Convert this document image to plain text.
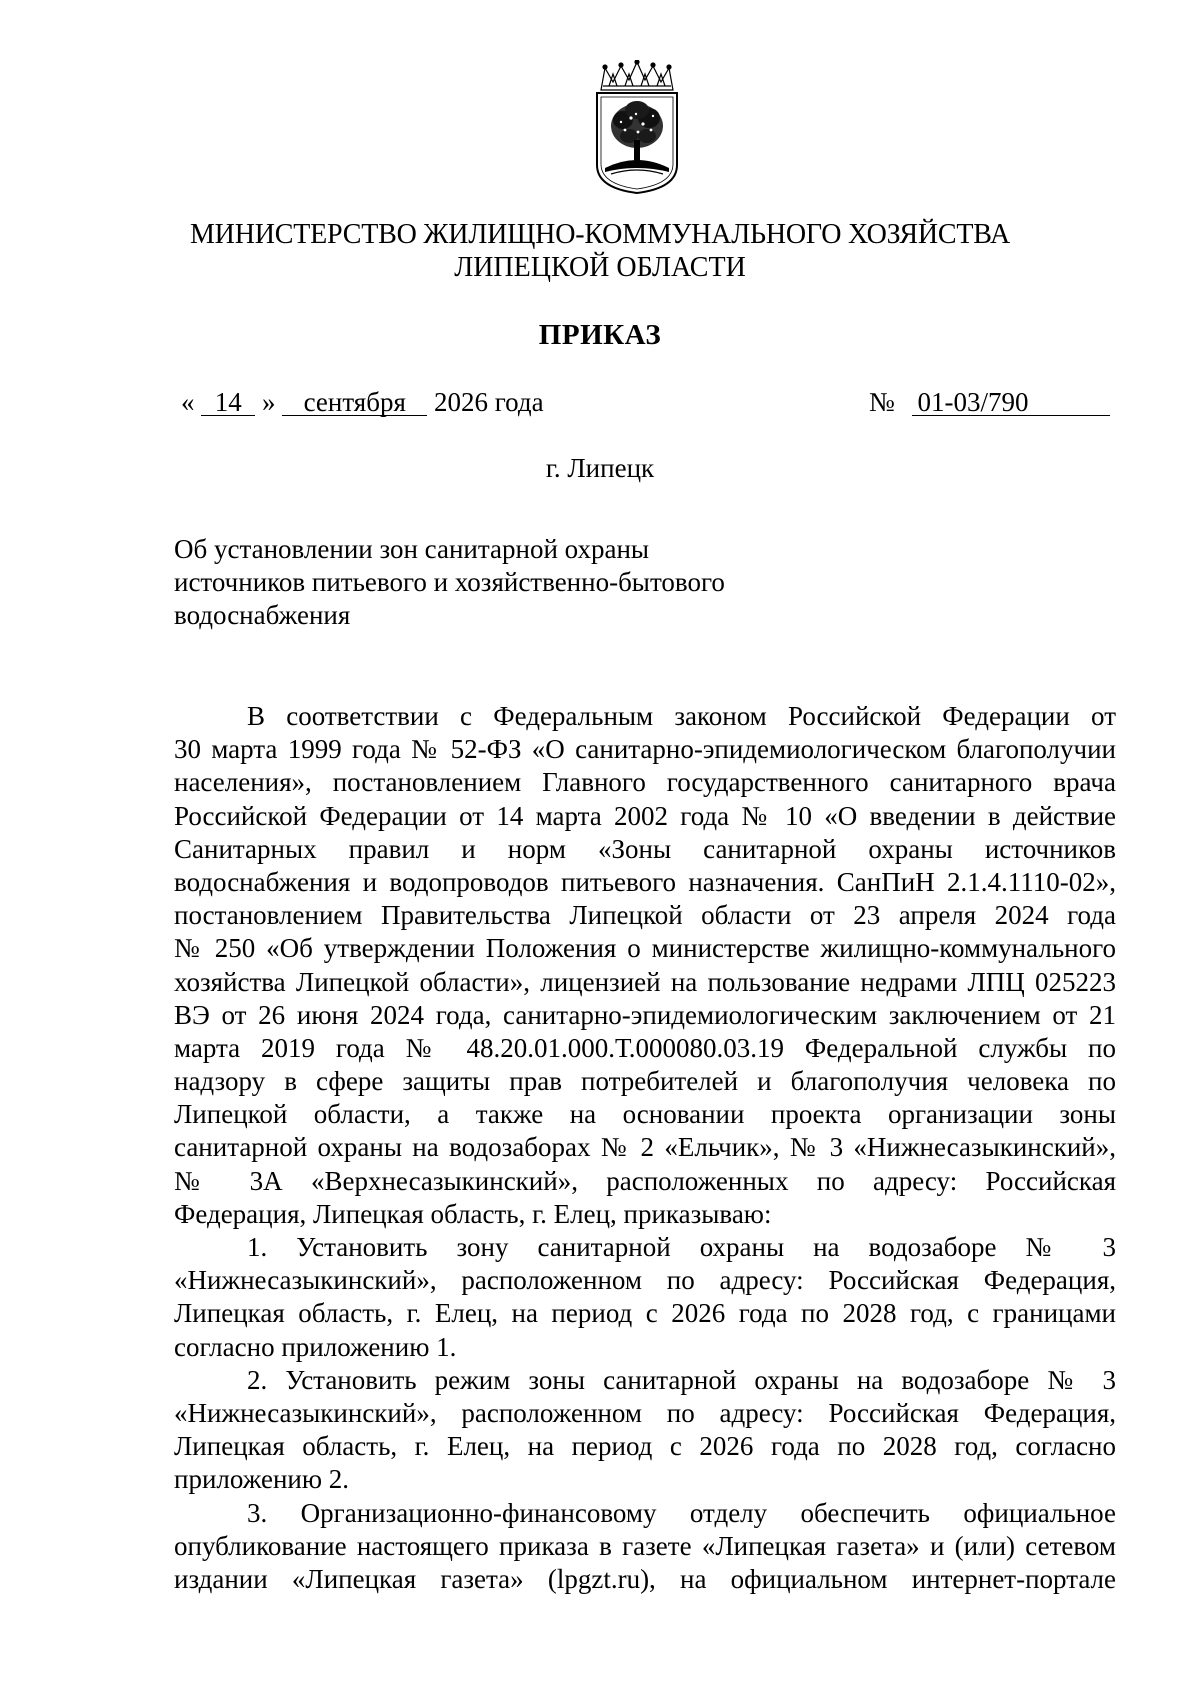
МИНИСТЕРСТВО ЖИЛИЩНО-КОММУНАЛЬНОГО ХОЗЯЙСТВА
ЛИПЕЦКОЙ ОБЛАСТИ
ПРИКАЗ
« 14 » сентября 2026 года	№ 01-03/790
г. Липецк
Об установлении зон санитарной охраны
источников питьевого и хозяйственно-бытового
водоснабжения
В соответствии с Федеральным законом Российской Федерации от
30 марта 1999 года № 52-ФЗ «О санитарно-эпидемиологическом благополучии
населения», постановлением Главного государственного санитарного врача
Российской Федерации от 14 марта 2002 года № 10 «О введении в действие
Санитарных правил и норм «Зоны санитарной охраны источников
водоснабжения и водопроводов питьевого назначения. СанПиН 2.1.4.1110-02»,
постановлением Правительства Липецкой области от 23 апреля 2024 года
№ 250 «Об утверждении Положения о министерстве жилищно-коммунального
хозяйства Липецкой области», лицензией на пользование недрами ЛПЦ 025223
ВЭ от 26 июня 2024 года, санитарно-эпидемиологическим заключением от 21
марта 2019 года № 48.20.01.000.Т.000080.03.19 Федеральной службы по
надзору в сфере защиты прав потребителей и благополучия человека по
Липецкой области, а также на основании проекта организации зоны
санитарной охраны на водозаборах № 2 «Ельчик», № 3 «Нижнесазыкинский»,
№ 3А «Верхнесазыкинский», расположенных по адресу: Российская
Федерация, Липецкая область, г. Елец, приказываю:
1. Установить зону санитарной охраны на водозаборе № 3
«Нижнесазыкинский», расположенном по адресу: Российская Федерация,
Липецкая область, г. Елец, на период с 2026 года по 2028 год, с границами
согласно приложению 1.
2. Установить режим зоны санитарной охраны на водозаборе № 3
«Нижнесазыкинский», расположенном по адресу: Российская Федерация,
Липецкая область, г. Елец, на период с 2026 года по 2028 год, согласно
приложению 2.
3. Организационно-финансовому отделу обеспечить официальное
опубликование настоящего приказа в газете «Липецкая газета» и (или) сетевом
издании «Липецкая газета» (lpgzt.ru), на официальном интернет-портале
